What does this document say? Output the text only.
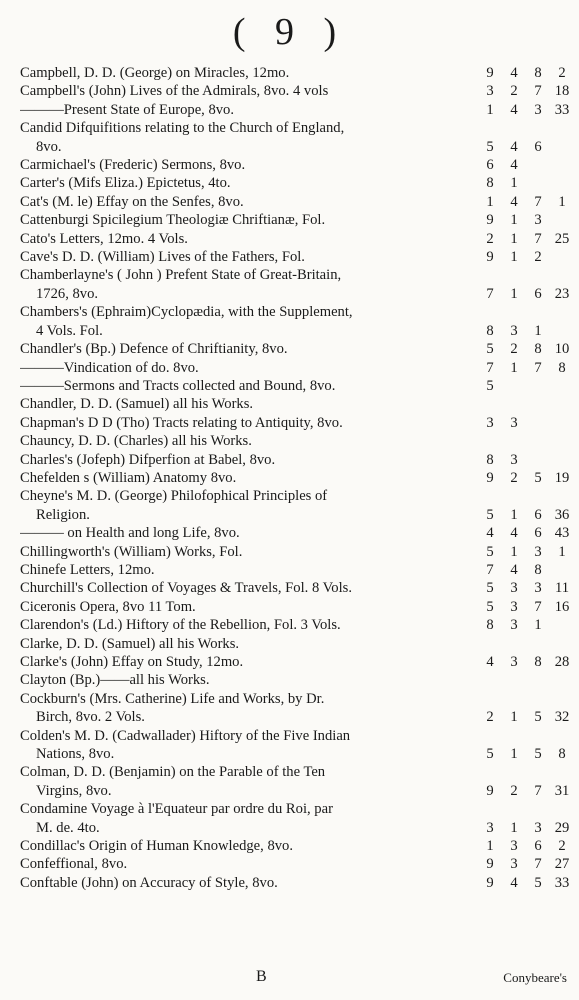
( 9 )
Campbell, D. D. (George) on Miracles, 12mo.	9	4	8	2
Campbell's (John) Lives of the Admirals, 8vo. 4 vols	3	2	7 18
———Present State of Europe, 8vo.	1	4	3 33
Candid Difquifitions relating to the Church of England,
8vo.	5	4	6
Carmichael's (Frederic) Sermons, 8vo.	6	4
Carter's (Mifs Eliza.) Epictetus, 4to.	8	1
Cat's (M. le) Effay on the Senfes, 8vo.	1	4	7	1
Cattenburgi Spicilegium Theologiæ Chriftianæ, Fol.	9	1	3
Cato's Letters, 12mo. 4 Vols.	2	1	7 25
Cave's D. D. (William) Lives of the Fathers, Fol.	9	1	2
Chamberlayne's ( John ) Prefent State of Great-Britain,
1726, 8vo.	7	1	6 23
Chambers's (Ephraim)Cyclopædia, with the Supplement,
4 Vols. Fol.	8	3	1
Chandler's (Bp.) Defence of Chriftianity, 8vo.	5	2	8 10
———Vindication of do. 8vo.	7	1	7	8
———Sermons and Tracts collected and Bound, 8vo.	5
Chandler, D. D. (Samuel) all his Works.
Chapman's D D (Tho) Tracts relating to Antiquity, 8vo.	3	3
Chauncy, D. D. (Charles) all his Works.
Charles's (Jofeph) Difperfion at Babel, 8vo.	8	3
Chefelden s (William) Anatomy 8vo.	9	2	5 19
Cheyne's M. D. (George) Philofophical Principles of
Religion.	5	1	6 36
——— on Health and long Life, 8vo.	4	4	6 43
Chillingworth's (William) Works, Fol.	5	1	3	1
Chinefe Letters, 12mo.	7	4	8
Churchill's Collection of Voyages & Travels, Fol. 8 Vols.	5	3	3 11
Ciceronis Opera, 8vo 11 Tom.	5	3	7 16
Clarendon's (Ld.) Hiftory of the Rebellion, Fol. 3 Vols.	8	3	1
Clarke, D. D. (Samuel) all his Works.
Clarke's (John) Effay on Study, 12mo.	4	3	8 28
Clayton (Bp.)——all his Works.
Cockburn's (Mrs. Catherine) Life and Works, by Dr.
Birch, 8vo. 2 Vols.	2	1	5 32
Colden's M. D. (Cadwallader) Hiftory of the Five Indian
Nations, 8vo.	5	1	5	8
Colman, D. D. (Benjamin) on the Parable of the Ten
Virgins, 8vo.	9	2	7 31
Condamine Voyage à l'Equateur par ordre du Roi, par
M. de. 4to.	3	1	3 29
Condillac's Origin of Human Knowledge, 8vo.	1	3	6	2
Confeffional, 8vo.	9	3	7 27
Conftable (John) on Accuracy of Style, 8vo.	9	4	5 33
B	Conybeare's
